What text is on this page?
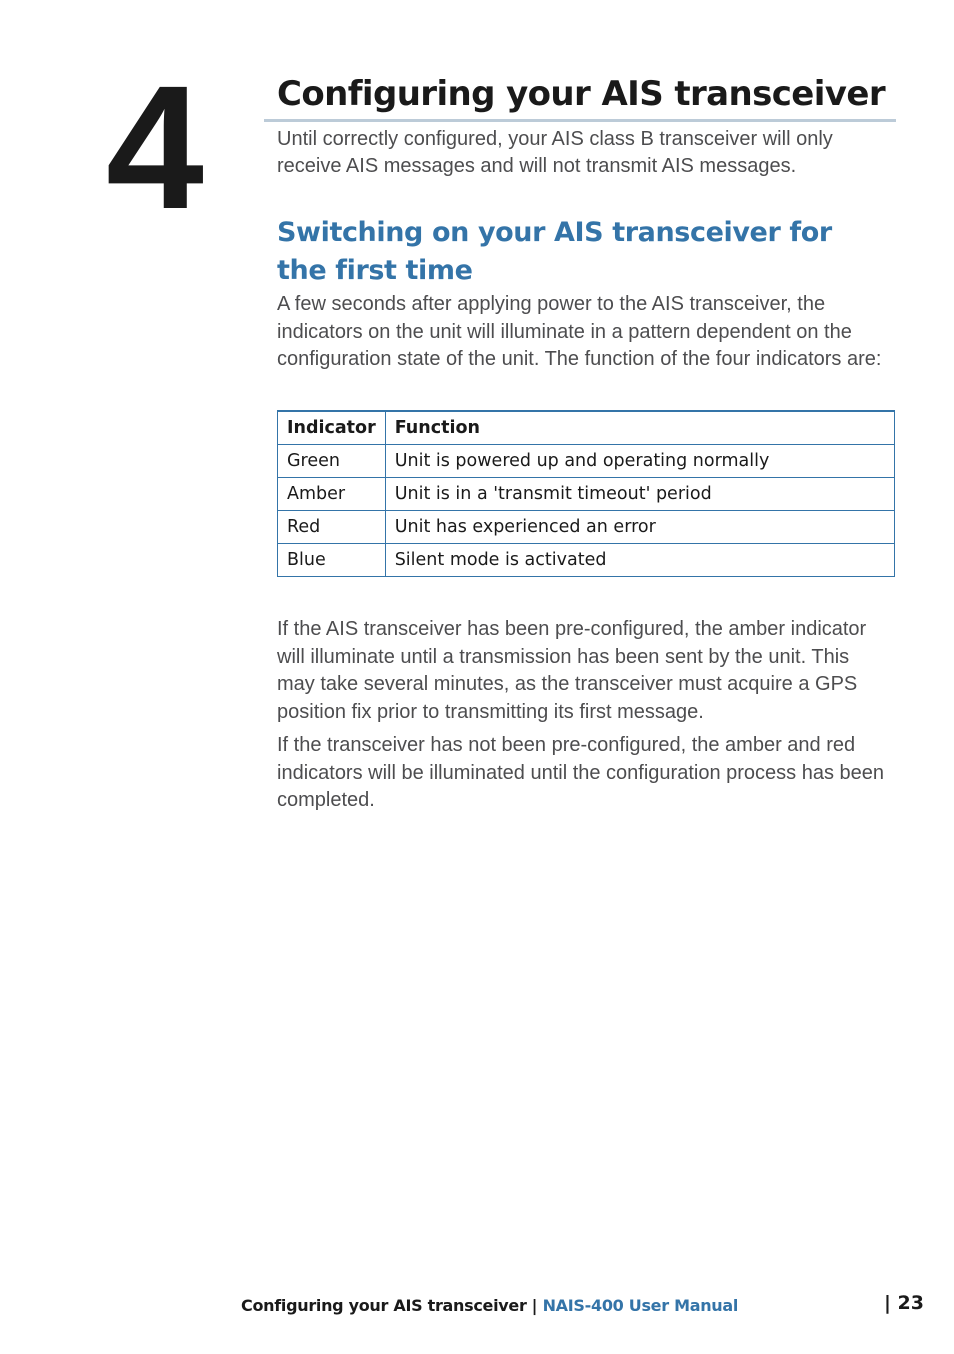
4 Configuring your AIS transceiver

Until correctly configured, your AIS class B transceiver will only receive AIS messages and will not transmit AIS messages.

Switching on your AIS transceiver for the first time

A few seconds after applying power to the AIS transceiver, the indicators on the unit will illuminate in a pattern dependent on the configuration state of the unit. The function of the four indicators are:

Indicator	Function
Green	Unit is powered up and operating normally
Amber	Unit is in a 'transmit timeout' period
Red	Unit has experienced an error
Blue	Silent mode is activated

If the AIS transceiver has been pre-configured, the amber indicator will illuminate until a transmission has been sent by the unit. This may take several minutes, as the transceiver must acquire a GPS position fix prior to transmitting its first message.

If the transceiver has not been pre-configured, the amber and red indicators will be illuminated until the configuration process has been completed.

Configuring your AIS transceiver | NAIS-400 User Manual	| 23
